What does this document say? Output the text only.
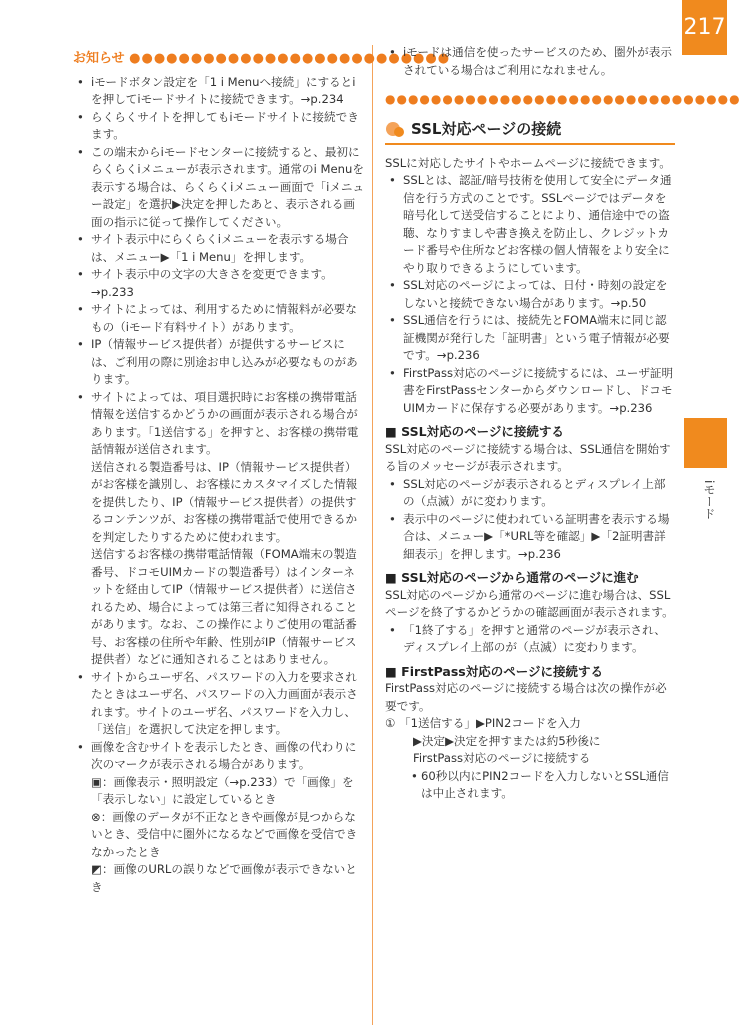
217
iモード
お知らせ ●●●●●●●●●●●●●●●●●●●●●●●●●●
• iモードボタン設定を「1 i Menuへ接続」にするとiを押してiモードサイトに接続できます。→p.234
• らくらくサイトを押してもiモードサイトに接続できます。
• この端末からiモードセンターに接続すると、最初にらくらくiメニューが表示されます。通常のi Menuを表示する場合は、らくらくiメニュー画面で「iメニュー設定」を選択▶決定を押したあと、表示される画面の指示に従って操作してください。
• サイト表示中にらくらくiメニューを表示する場合は、メニュー▶「1 i Menu」を押します。
• サイト表示中の文字の大きさを変更できます。→p.233
• サイトによっては、利用するために情報料が必要なもの（iモード有料サイト）があります。
• IP（情報サービス提供者）が提供するサービスには、ご利用の際に別途お申し込みが必要なものがあります。
• サイトによっては、項目選択時にお客様の携帯電話情報を送信するかどうかの画面が表示される場合があります。「1送信する」を押すと、お客様の携帯電話情報が送信されます。

送信される製造番号は、IP（情報サービス提供者）がお客様を識別し、お客様にカスタマイズした情報を提供したり、IP（情報サービス提供者）の提供するコンテンツが、お客様の携帯電話で使用できるかを判定したりするために使われます。

送信するお客様の携帯電話情報（FOMA端末の製造番号、ドコモUIMカードの製造番号）はインターネットを経由してIP（情報サービス提供者）に送信されるため、場合によっては第三者に知得されることがあります。なお、この操作によりご使用の電話番号、お客様の住所や年齢、性別がIP（情報サービス提供者）などに通知されることはありません。

• サイトからユーザ名、パスワードの入力を要求されたときはユーザ名、パスワードの入力画面が表示されます。サイトのユーザ名、パスワードを入力し、「送信」を選択して決定を押します。
• 画像を含むサイトを表示したとき、画像の代わりに次のマークが表示される場合があります。

▣：画像表示・照明設定（→p.233）で「画像」を「表示しない」に設定しているとき

⊗：画像のデータが不正なときや画像が見つからないとき、受信中に圏外になるなどで画像を受信できなかったとき

◩：画像のURLの誤りなどで画像が表示できないとき

• iモードは通信を使ったサービスのため、圏外が表示されている場合はご利用になれません。
●●●●●●●●●●●●●●●●●●●●●●●●●●●●●●●
SSL対応ページの接続

SSLに対応したサイトやホームページに接続できます。

• SSLとは、認証/暗号技術を使用して安全にデータ通信を行う方式のことです。SSLページではデータを暗号化して送受信することにより、通信途中での盗聴、なりすましや書き換えを防止し、クレジットカード番号や住所などお客様の個人情報をより安全にやり取りできるようにしています。
• SSL対応のページによっては、日付・時刻の設定をしないと接続できない場合があります。→p.50
• SSL通信を行うには、接続先とFOMA端末に同じ認証機関が発行した「証明書」という電子情報が必要です。→p.236
• FirstPass対応のページに接続するには、ユーザ証明書をFirstPassセンターからダウンロードし、ドコモUIMカードに保存する必要があります。→p.236
■ SSL対応のページに接続する

SSL対応のページに接続する場合は、SSL通信を開始する旨のメッセージが表示されます。

• SSL対応のページが表示されるとディスプレイ上部の（点滅）がに変わります。
• 表示中のページに使われている証明書を表示する場合は、メニュー▶「*URL等を確認」▶「2証明書詳細表示」を押します。→p.236
■ SSL対応のページから通常のページに進む

SSL対応のページから通常のページに進む場合は、SSLページを終了するかどうかの確認画面が表示されます。

• 「1終了する」を押すと通常のページが表示され、ディスプレイ上部のが（点滅）に変わります。
■ FirstPass対応のページに接続する

FirstPass対応のページに接続する場合は次の操作が必要です。

① 「1送信する」▶PIN2コードを入力
▶決定▶決定を押すまたは約5秒後に
FirstPass対応のページに接続する
• 60秒以内にPIN2コードを入力しないとSSL通信は中止されます。
